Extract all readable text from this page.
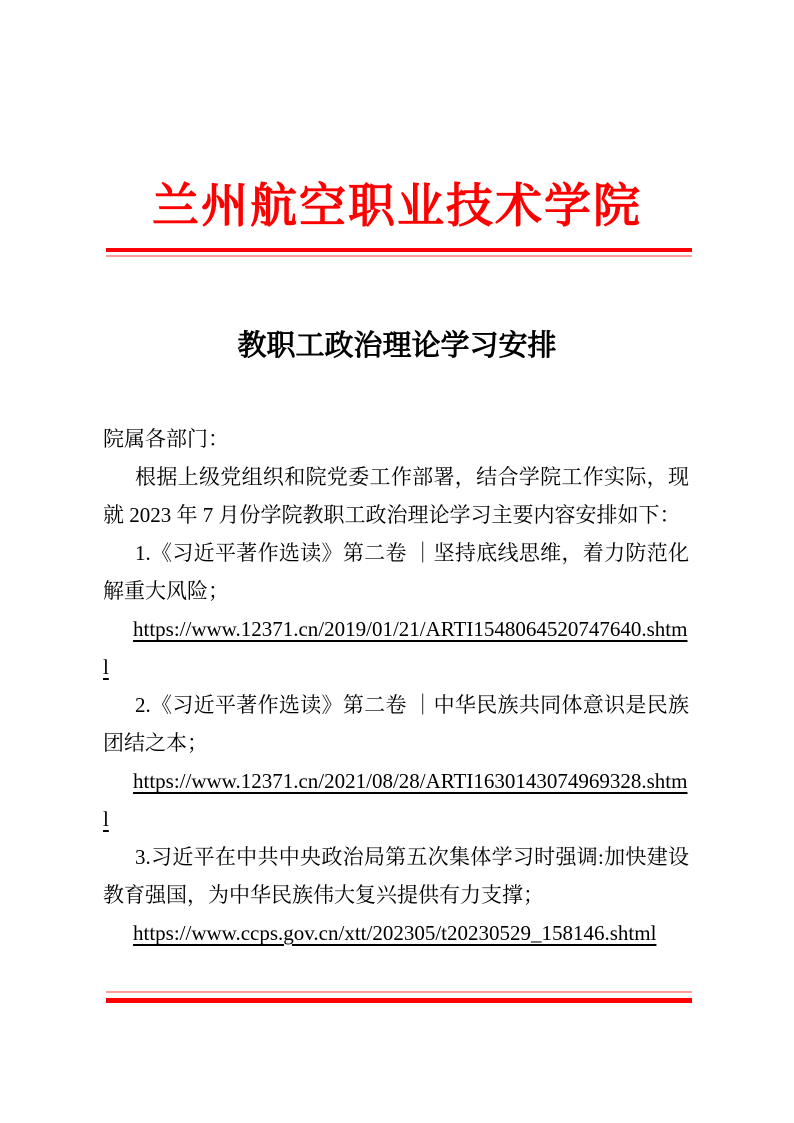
兰州航空职业技术学院
教职工政治理论学习安排

院属各部门：

根据上级党组织和院党委工作部署，结合学院工作实际，现就 2023 年 7 月份学院教职工政治理论学习主要内容安排如下：

1.《习近平著作选读》第二卷 ｜坚持底线思维，着力防范化解重大风险；

https://www.12371.cn/2019/01/21/ARTI1548064520747640.shtml

2.《习近平著作选读》第二卷 ｜中华民族共同体意识是民族团结之本；

https://www.12371.cn/2021/08/28/ARTI1630143074969328.shtml

3.习近平在中共中央政治局第五次集体学习时强调:加快建设教育强国，为中华民族伟大复兴提供有力支撑；

https://www.ccps.gov.cn/xtt/202305/t20230529_158146.shtml
